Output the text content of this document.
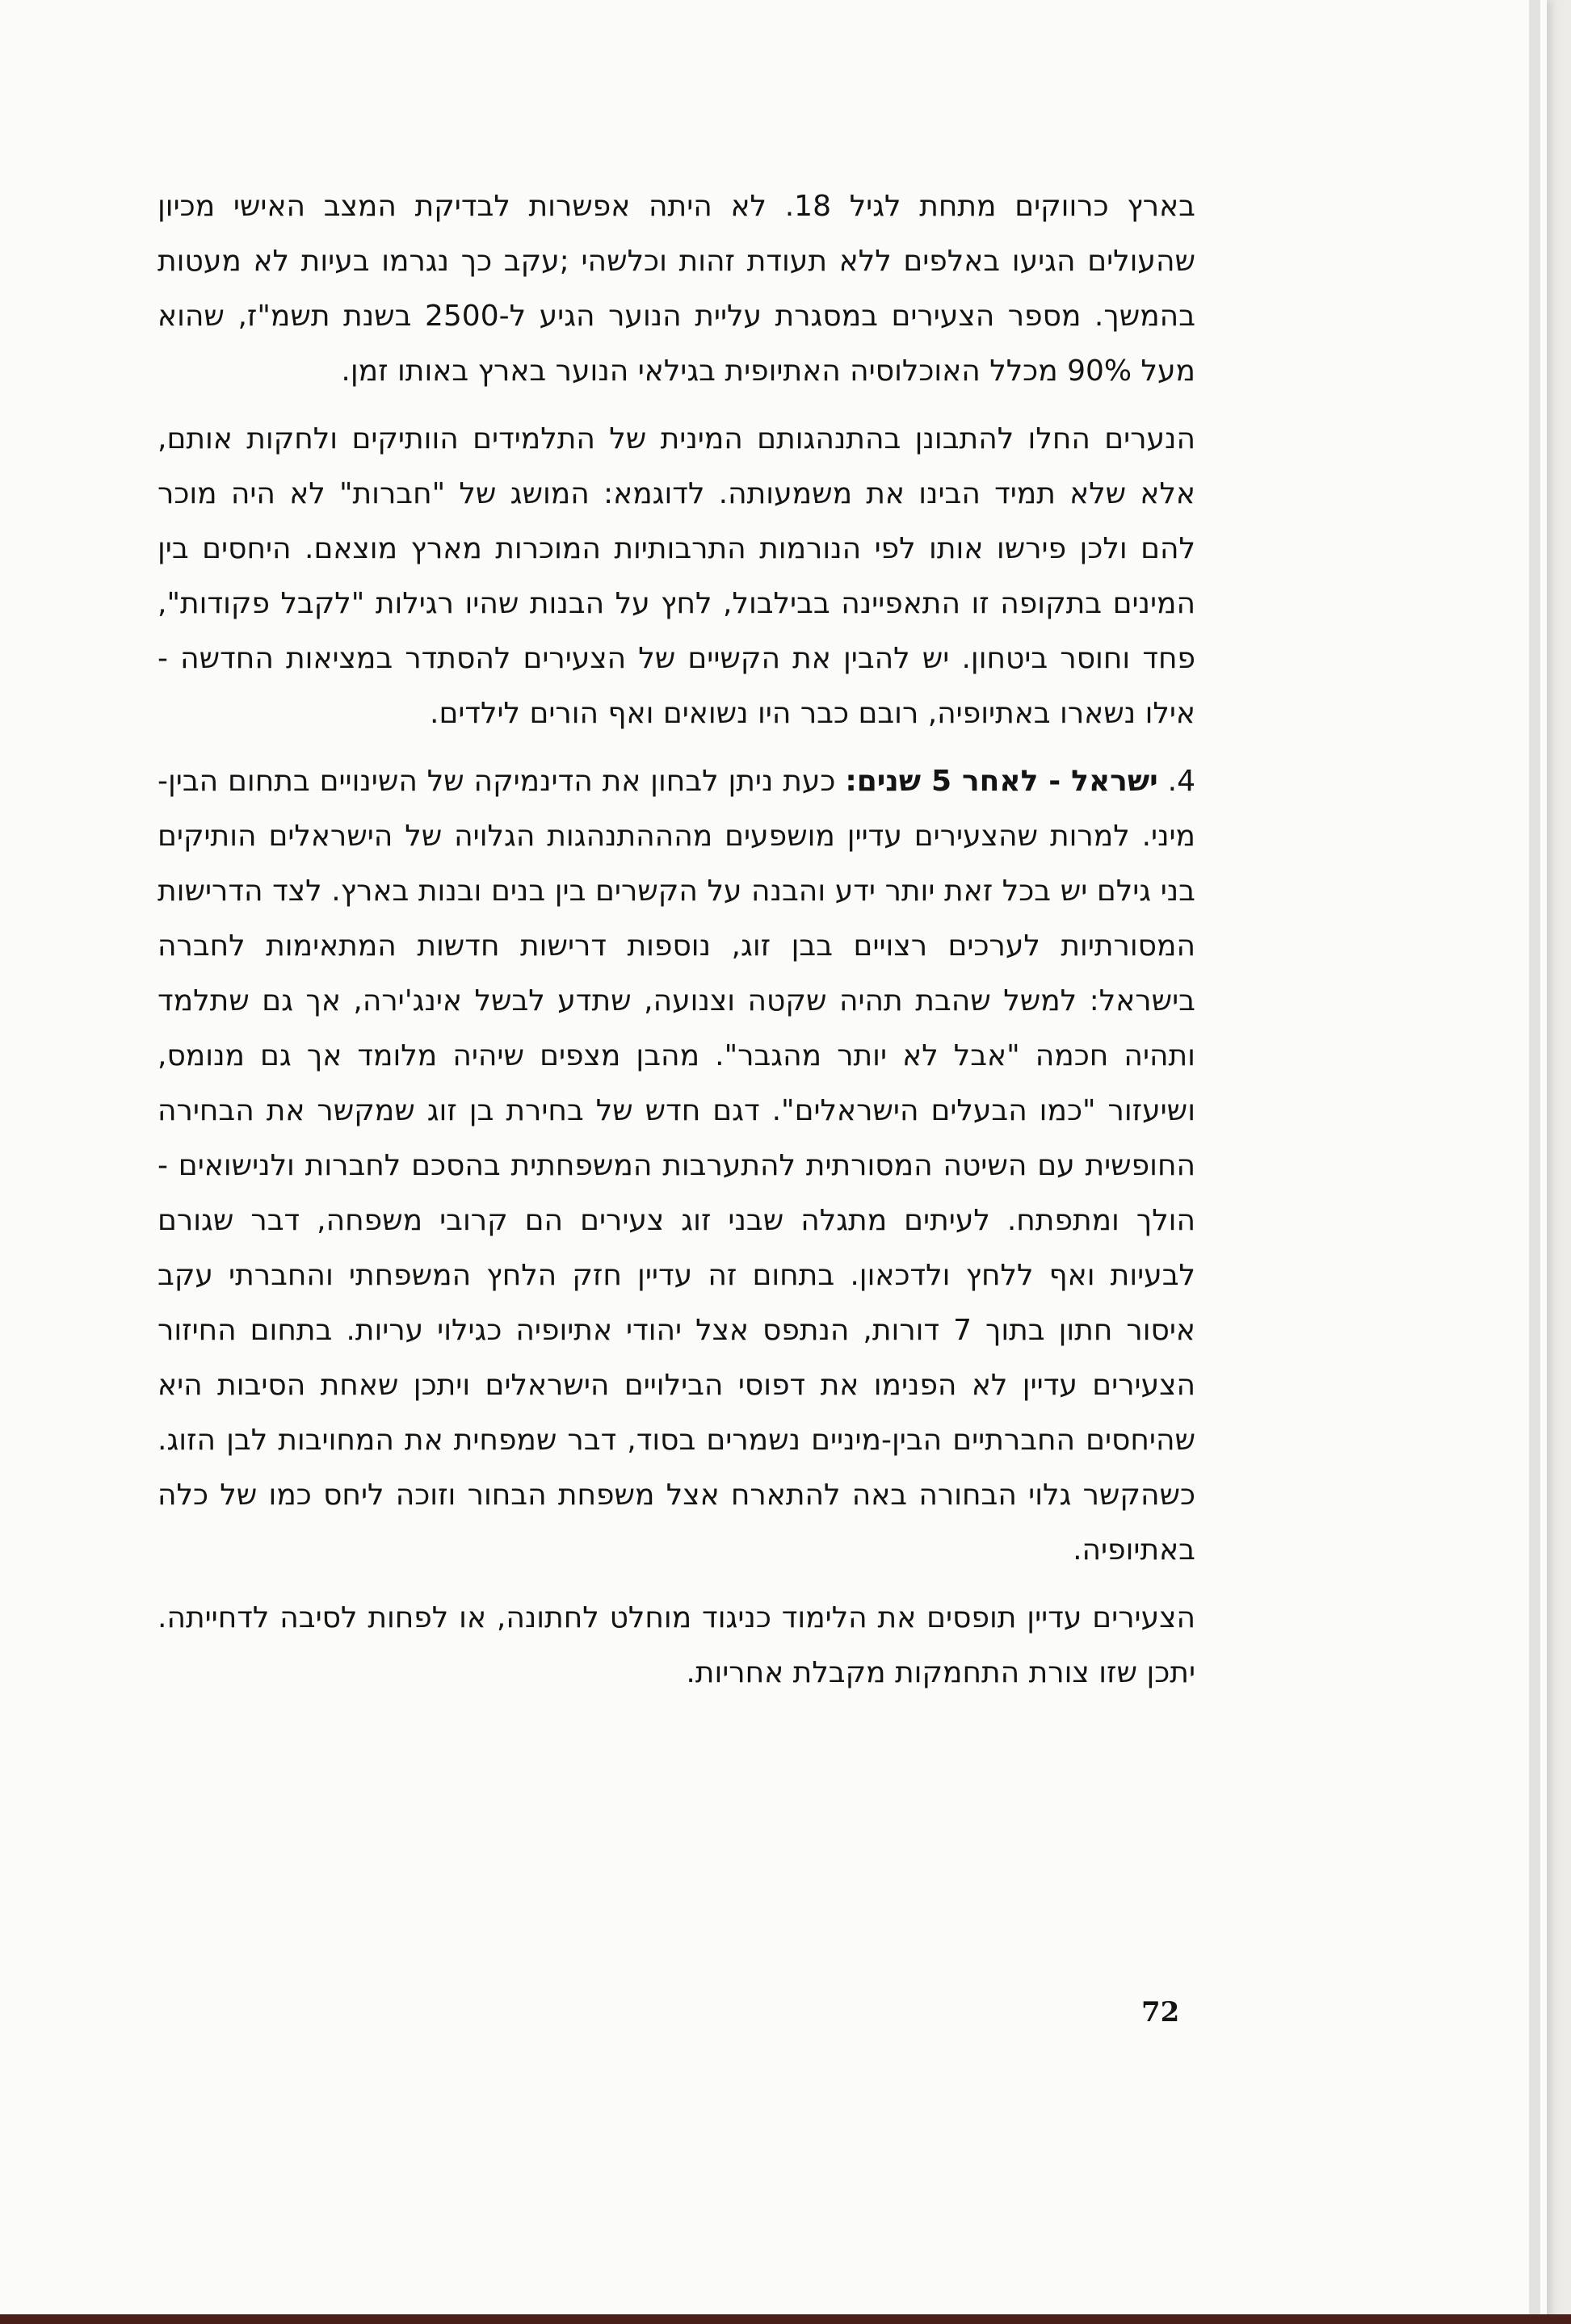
בארץ כרווקים מתחת לגיל 18. לא היתה אפשרות לבדיקת המצב האישי מכיון שהעולים הגיעו באלפים ללא תעודת זהות וכלשהי ;עקב כך נגרמו בעיות לא מעטות בהמשך. מספר הצעירים במסגרת עליית הנוער הגיע ל-2500 בשנת תשמ"ז, שהוא מעל 90% מכלל האוכלוסיה האתיופית בגילאי הנוער בארץ באותו זמן.

הנערים החלו להתבונן בהתנהגותם המינית של התלמידים הוותיקים ולחקות אותם, אלא שלא תמיד הבינו את משמעותה. לדוגמא: המושג של "חברות" לא היה מוכר להם ולכן פירשו אותו לפי הנורמות התרבותיות המוכרות מארץ מוצאם. היחסים בין המינים בתקופה זו התאפיינה בבילבול, לחץ על הבנות שהיו רגילות "לקבל פקודות", פחד וחוסר ביטחון. יש להבין את הקשיים של הצעירים להסתדר במציאות החדשה - אילו נשארו באתיופיה, רובם כבר היו נשואים ואף הורים לילדים.

4. ישראל - לאחר 5 שנים: כעת ניתן לבחון את הדינמיקה של השינויים בתחום הבין- מיני. למרות שהצעירים עדיין מושפעים מהההתנהגות הגלויה של הישראלים הותיקים בני גילם יש בכל זאת יותר ידע והבנה על הקשרים בין בנים ובנות בארץ. לצד הדרישות המסורתיות לערכים רצויים בבן זוג, נוספות דרישות חדשות המתאימות לחברה בישראל: למשל שהבת תהיה שקטה וצנועה, שתדע לבשל אינג'ירה, אך גם שתלמד ותהיה חכמה "אבל לא יותר מהגבר". מהבן מצפים שיהיה מלומד אך גם מנומס, ושיעזור "כמו הבעלים הישראלים". דגם חדש של בחירת בן זוג שמקשר את הבחירה החופשית עם השיטה המסורתית להתערבות המשפחתית בהסכם לחברות ולנישואים - הולך ומתפתח. לעיתים מתגלה שבני זוג צעירים הם קרובי משפחה, דבר שגורם לבעיות ואף ללחץ ולדכאון. בתחום זה עדיין חזק הלחץ המשפחתי והחברתי עקב איסור חתון בתוך 7 דורות, הנתפס אצל יהודי אתיופיה כגילוי עריות. בתחום החיזור הצעירים עדיין לא הפנימו את דפוסי הבילויים הישראלים ויתכן שאחת הסיבות היא שהיחסים החברתיים הבין-מיניים נשמרים בסוד, דבר שמפחית את המחויבות לבן הזוג. כשהקשר גלוי הבחורה באה להתארח אצל משפחת הבחור וזוכה ליחס כמו של כלה באתיופיה.

הצעירים עדיין תופסים את הלימוד כניגוד מוחלט לחתונה, או לפחות לסיבה לדחייתה. יתכן שזו צורת התחמקות מקבלת אחריות.

72
